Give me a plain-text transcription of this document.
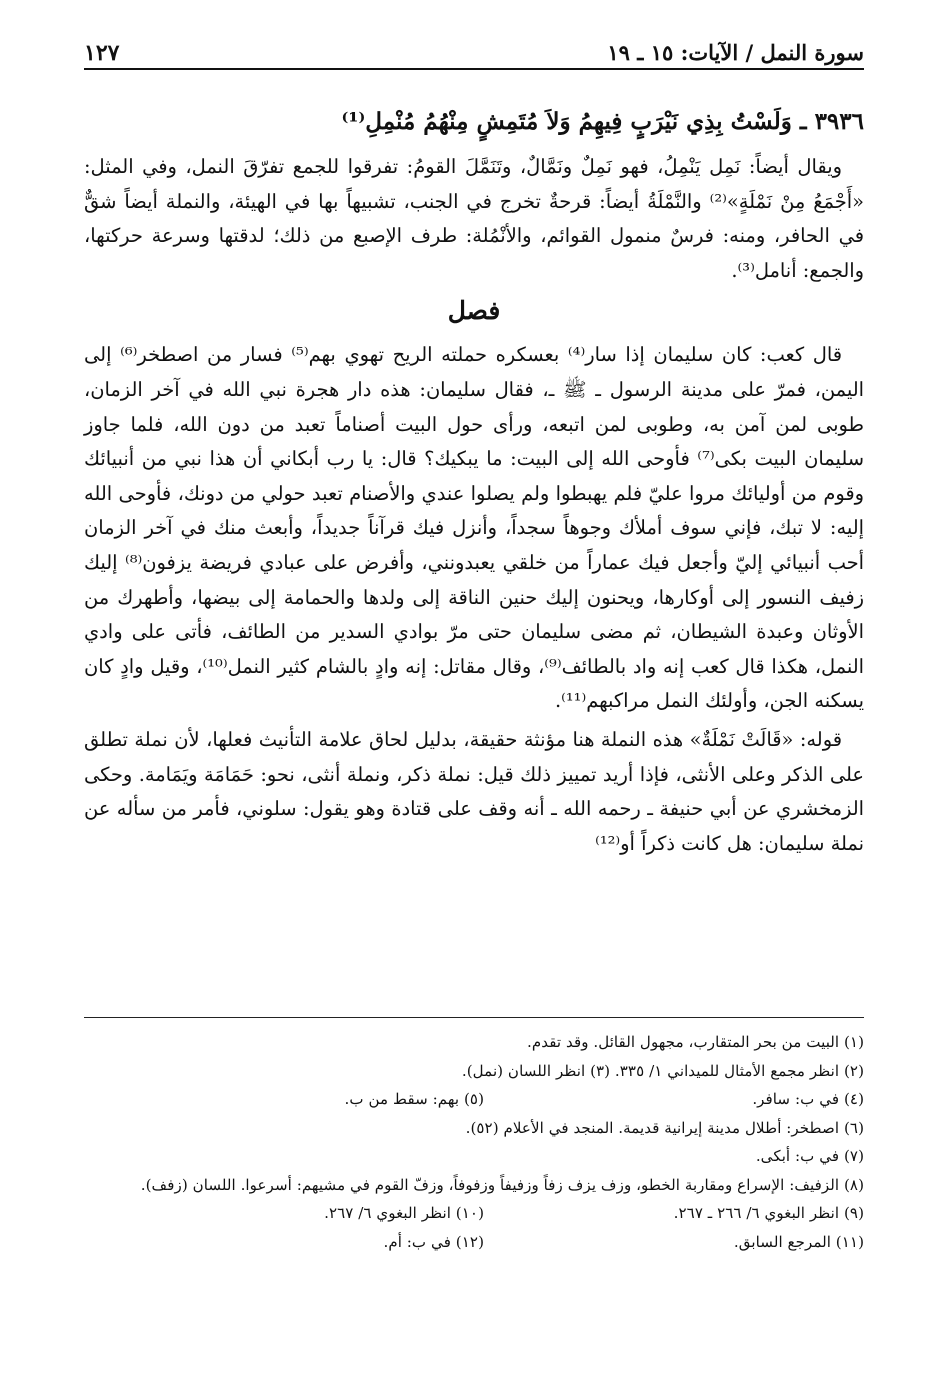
سورة النمل / الآيات: ١٥ ـ ١٩
١٢٧
٣٩٣٦ ـ وَلَسْتُ بِذِي نَيْرَبٍ فِيهِمُ وَلاَ مُتَمِشٍ مِنْهُمُ مُنْمِلِ⁽¹⁾

ويقال أيضاً: نَمِل يَنْمِلُ، فهو نَمِلٌ ونَمَّالٌ، وتَنَمَّلَ القومُ: تفرقوا للجمع تفرّقَ النمل، وفي المثل: «أَجْمَعُ مِنْ نَمْلَةٍ»⁽²⁾ والنَّمْلَةُ أيضاً: قرحةٌ تخرج في الجنب، تشبيهاً بها في الهيئة، والنملة أيضاً شقٌّ في الحافر، ومنه: فرسٌ منمول القوائم، والأنْمُلة: طرف الإصبع من ذلك؛ لدقتها وسرعة حركتها، والجمع: أنامل⁽³⁾.

فصل

قال كعب: كان سليمان إذا سار⁽⁴⁾ بعسكره حملته الريح تهوي بهم⁽⁵⁾ فسار من اصطخر⁽⁶⁾ إلى اليمن، فمرّ على مدينة الرسول ـ ﷺ ـ، فقال سليمان: هذه دار هجرة نبي الله في آخر الزمان، طوبى لمن آمن به، وطوبى لمن اتبعه، ورأى حول البيت أصناماً تعبد من دون الله، فلما جاوز سليمان البيت بكى⁽⁷⁾ فأوحى الله إلى البيت: ما يبكيك؟ قال: يا رب أبكاني أن هذا نبي من أنبيائك وقوم من أوليائك مروا عليّ فلم يهبطوا ولم يصلوا عندي والأصنام تعبد حولي من دونك، فأوحى الله إليه: لا تبك، فإني سوف أملأك وجوهاً سجداً، وأنزل فيك قرآناً جديداً، وأبعث منك في آخر الزمان أحب أنبيائي إليّ وأجعل فيك عماراً من خلقي يعبدونني، وأفرض على عبادي فريضة يزفون⁽⁸⁾ إليك زفيف النسور إلى أوكارها، ويحنون إليك حنين الناقة إلى ولدها والحمامة إلى بيضها، وأطهرك من الأوثان وعبدة الشيطان، ثم مضى سليمان حتى مرّ بوادي السدير من الطائف، فأتى على وادي النمل، هكذا قال كعب إنه واد بالطائف⁽⁹⁾، وقال مقاتل: إنه وادٍ بالشام كثير النمل⁽¹⁰⁾، وقيل وادٍ كان يسكنه الجن، وأولئك النمل مراكبهم⁽¹¹⁾.

قوله: «قَالَتْ نَمْلَةٌ» هذه النملة هنا مؤنثة حقيقة، بدليل لحاق علامة التأنيث فعلها، لأن نملة تطلق على الذكر وعلى الأنثى، فإذا أريد تمييز ذلك قيل: نملة ذكر، ونملة أنثى، نحو: حَمَامَة ويَمَامة. وحكى الزمخشري عن أبي حنيفة ـ رحمه الله ـ أنه وقف على قتادة وهو يقول: سلوني، فأمر من سأله عن نملة سليمان: هل كانت ذكراً أو⁽¹²⁾

(١) البيت من بحر المتقارب، مجهول القائل. وقد تقدم.
(٢) انظر مجمع الأمثال للميداني ١/ ٣٣٥. (٣) انظر اللسان (نمل).
(٤) في ب: سافر.
(٥) بهم: سقط من ب.
(٦) اصطخر: أطلال مدينة إيرانية قديمة. المنجد في الأعلام (٥٢).
(٧) في ب: أبكى.
(٨) الزفيف: الإسراع ومقاربة الخطو، وزف يزف زفاً وزفيفاً وزفوفاً، وزفّ القوم في مشيهم: أسرعوا. اللسان (زفف).
(٩) انظر البغوي ٦/ ٢٦٦ ـ ٢٦٧.
(١٠) انظر البغوي ٦/ ٢٦٧.
(١١) المرجع السابق.
(١٢) في ب: أم.
